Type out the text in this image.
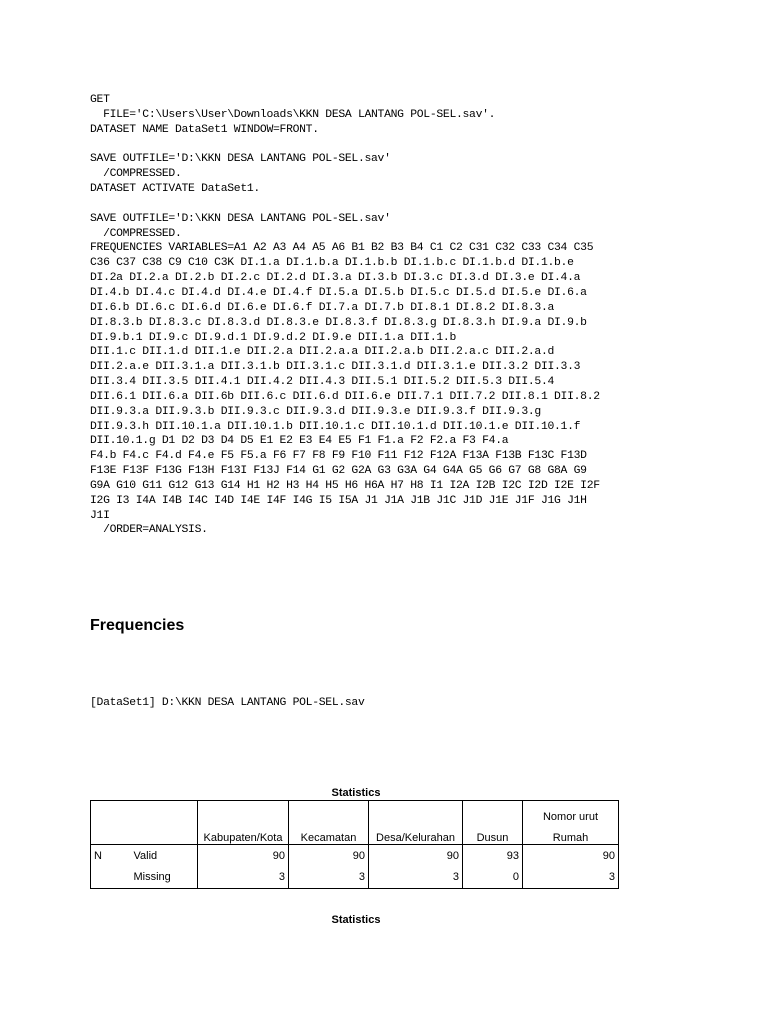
GET
FILE='C:\Users\User\Downloads\KKN DESA LANTANG POL-SEL.sav'.
DATASET NAME DataSet1 WINDOW=FRONT.
SAVE OUTFILE='D:\KKN DESA LANTANG POL-SEL.sav'
/COMPRESSED.
DATASET ACTIVATE DataSet1.
SAVE OUTFILE='D:\KKN DESA LANTANG POL-SEL.sav'
/COMPRESSED.
FREQUENCIES VARIABLES=A1 A2 A3 A4 A5 A6 B1 B2 B3 B4 C1 C2 C31 C32 C33 C34 C35
C36 C37 C38 C9 C10 C3K DI.1.a DI.1.b.a DI.1.b.b DI.1.b.c DI.1.b.d DI.1.b.e
DI.2a DI.2.a DI.2.b DI.2.c DI.2.d DI.3.a DI.3.b DI.3.c DI.3.d DI.3.e DI.4.a
DI.4.b DI.4.c DI.4.d DI.4.e DI.4.f DI.5.a DI.5.b DI.5.c DI.5.d DI.5.e DI.6.a
DI.6.b DI.6.c DI.6.d DI.6.e DI.6.f DI.7.a DI.7.b DI.8.1 DI.8.2 DI.8.3.a
DI.8.3.b DI.8.3.c DI.8.3.d DI.8.3.e DI.8.3.f DI.8.3.g DI.8.3.h DI.9.a DI.9.b
DI.9.b.1 DI.9.c DI.9.d.1 DI.9.d.2 DI.9.e DII.1.a DII.1.b
DII.1.c DII.1.d DII.1.e DII.2.a DII.2.a.a DII.2.a.b DII.2.a.c DII.2.a.d
DII.2.a.e DII.3.1.a DII.3.1.b DII.3.1.c DII.3.1.d DII.3.1.e DII.3.2 DII.3.3
DII.3.4 DII.3.5 DII.4.1 DII.4.2 DII.4.3 DII.5.1 DII.5.2 DII.5.3 DII.5.4
DII.6.1 DII.6.a DII.6b DII.6.c DII.6.d DII.6.e DII.7.1 DII.7.2 DII.8.1 DII.8.2
DII.9.3.a DII.9.3.b DII.9.3.c DII.9.3.d DII.9.3.e DII.9.3.f DII.9.3.g
DII.9.3.h DII.10.1.a DII.10.1.b DII.10.1.c DII.10.1.d DII.10.1.e DII.10.1.f
DII.10.1.g D1 D2 D3 D4 D5 E1 E2 E3 E4 E5 F1 F1.a F2 F2.a F3 F4.a
F4.b F4.c F4.d F4.e F5 F5.a F6 F7 F8 F9 F10 F11 F12 F12A F13A F13B F13C F13D
F13E F13F F13G F13H F13I F13J F14 G1 G2 G2A G3 G3A G4 G4A G5 G6 G7 G8 G8A G9
G9A G10 G11 G12 G13 G14 H1 H2 H3 H4 H5 H6 H6A H7 H8 I1 I2A I2B I2C I2D I2E I2F
I2G I3 I4A I4B I4C I4D I4E I4F I4G I5 I5A J1 J1A J1B J1C J1D J1E J1F J1G J1H
J1I
/ORDER=ANALYSIS.
Frequencies
[DataSet1] D:\KKN DESA LANTANG POL-SEL.sav
Statistics
						Nomor urut
		Kabupaten/Kota	Kecamatan	Desa/Kelurahan	Dusun	Rumah
N	Valid	90	90	90	93	90
	Missing	3	3	3	0	3
Statistics
